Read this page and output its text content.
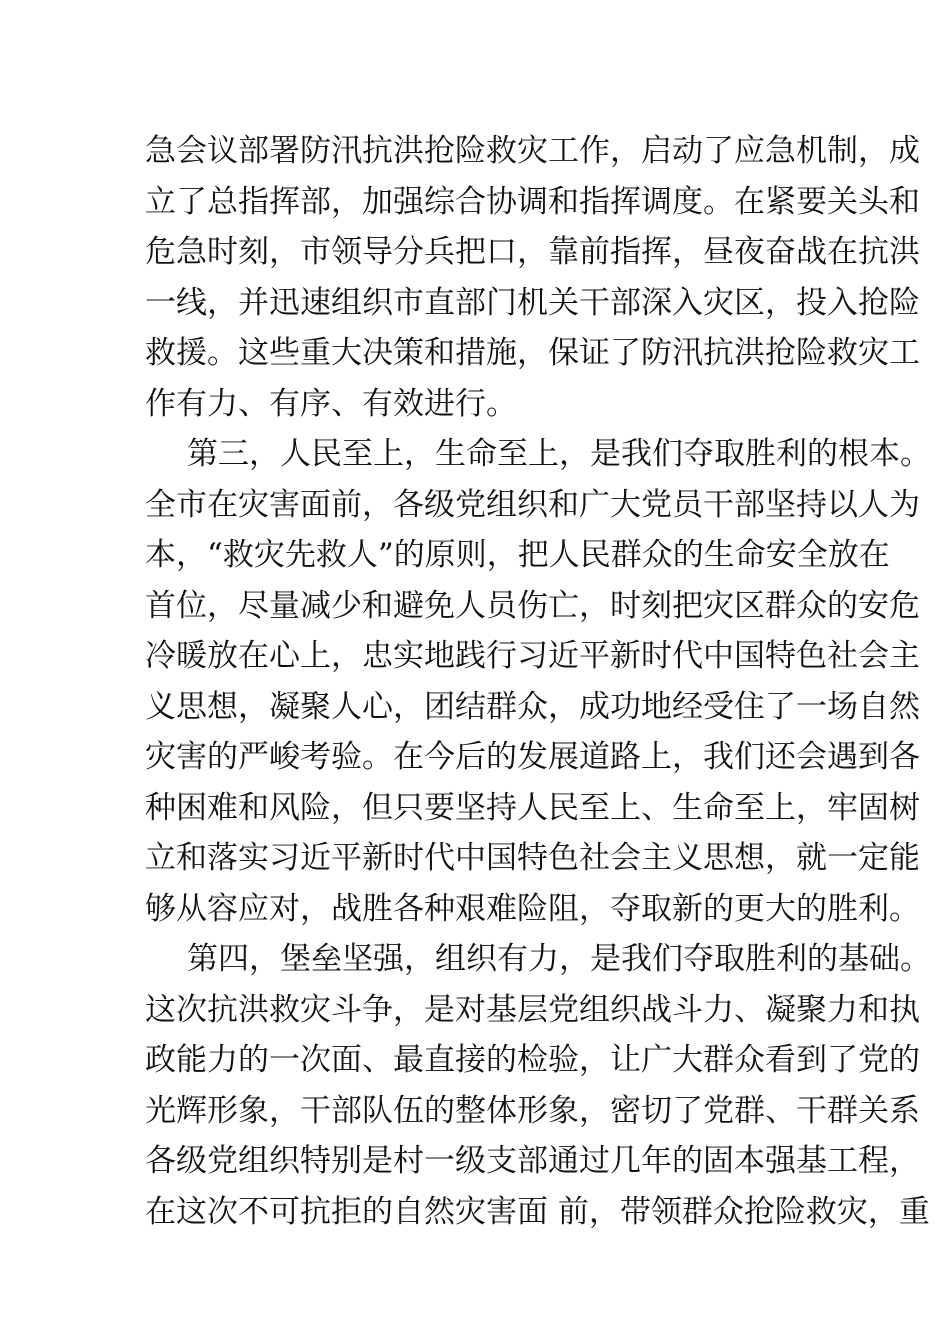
急会议部署防汛抗洪抢险救灾工作，启动了应急机制，成
立了总指挥部，加强综合协调和指挥调度。在紧要关头和
危急时刻，市领导分兵把口，靠前指挥，昼夜奋战在抗洪
一线，并迅速组织市直部门机关干部深入灾区，投入抢险
救援。这些重大决策和措施，保证了防汛抗洪抢险救灾工
作有力、有序、有效进行。
第三，人民至上，生命至上，是我们夺取胜利的根本。
全市在灾害面前，各级党组织和广大党员干部坚持以人为
本，“救灾先救人”的原则，把人民群众的生命安全放在
首位，尽量减少和避免人员伤亡，时刻把灾区群众的安危
冷暖放在心上，忠实地践行习近平新时代中国特色社会主
义思想，凝聚人心，团结群众，成功地经受住了一场自然
灾害的严峻考验。在今后的发展道路上，我们还会遇到各
种困难和风险，但只要坚持人民至上、生命至上，牢固树
立和落实习近平新时代中国特色社会主义思想，就一定能
够从容应对，战胜各种艰难险阻，夺取新的更大的胜利。
第四，堡垒坚强，组织有力，是我们夺取胜利的基础。
这次抗洪救灾斗争，是对基层党组织战斗力、凝聚力和执
政能力的一次面、最直接的检验，让广大群众看到了党的
光辉形象，干部队伍的整体形象，密切了党群、干群关系
各级党组织特别是村一级支部通过几年的固本强基工程，
在这次不可抗拒的自然灾害面 前，带领群众抢险救灾，重
